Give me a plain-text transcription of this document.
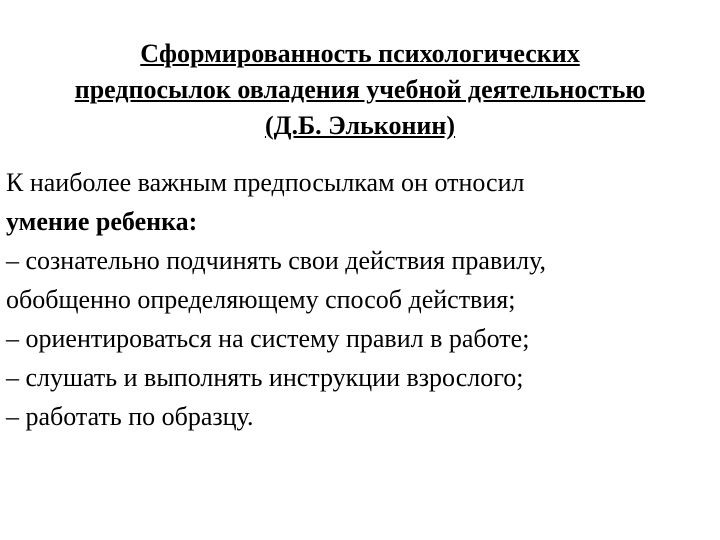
Сформированность психологических
предпосылок овладения учебной деятельностью
(Д.Б. Эльконин)
К наиболее важным предпосылкам он относил
умение ребенка:
– сознательно подчинять свои действия правилу,
обобщенно определяющему способ действия;
– ориентироваться на систему правил в работе;
– слушать и выполнять инструкции взрослого;
– работать по образцу.
